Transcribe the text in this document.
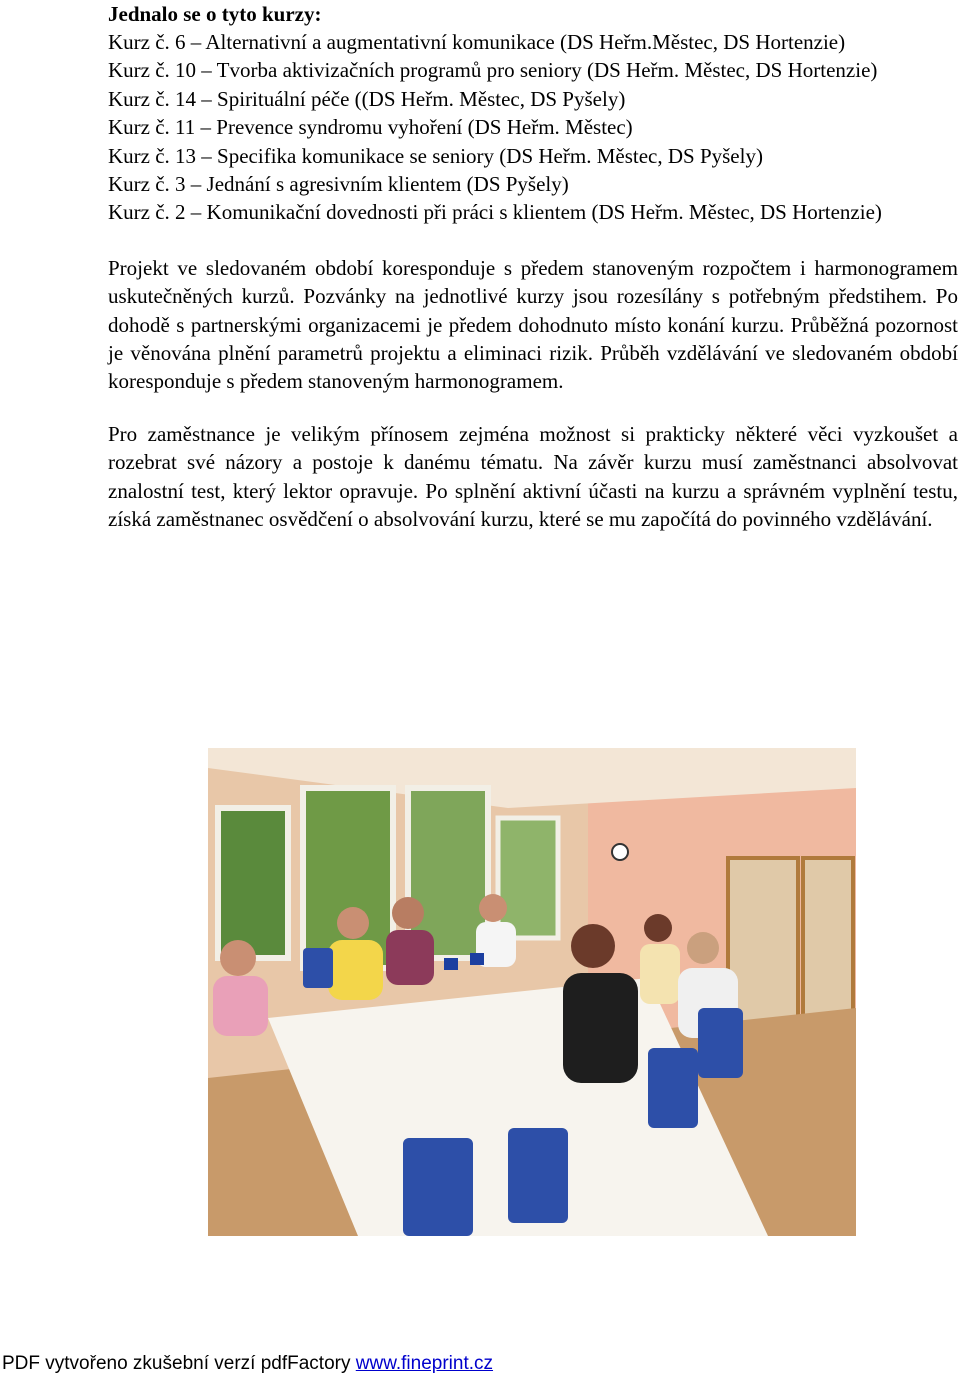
Jednalo se o tyto kurzy:
Kurz č. 6 – Alternativní a augmentativní komunikace (DS Heřm.Městec, DS Hortenzie)
Kurz č. 10 – Tvorba aktivizačních programů pro seniory (DS Heřm. Městec, DS Hortenzie)
Kurz č. 14 – Spirituální péče ((DS Heřm. Městec, DS Pyšely)
Kurz č. 11 – Prevence syndromu vyhoření (DS Heřm. Městec)
Kurz č. 13 – Specifika komunikace se seniory (DS Heřm. Městec, DS Pyšely)
Kurz č. 3 – Jednání s agresivním klientem (DS Pyšely)
Kurz č. 2 – Komunikační dovednosti při práci s klientem (DS Heřm. Městec, DS Hortenzie)

Projekt ve sledovaném období koresponduje s předem stanoveným rozpočtem i harmonogramem uskutečněných kurzů. Pozvánky na jednotlivé kurzy jsou rozesílány s potřebným předstihem. Po dohodě s partnerskými organizacemi je předem dohodnuto místo konání kurzu. Průběžná pozornost je věnována plnění parametrů projektu a eliminaci rizik. Průběh vzdělávání ve sledovaném období koresponduje s předem stanoveným harmonogramem.

Pro zaměstnance je velikým přínosem zejména možnost si prakticky některé věci vyzkoušet a rozebrat své názory a postoje k danému tématu. Na závěr kurzu musí zaměstnanci absolvovat znalostní test, který lektor opravuje. Po splnění aktivní účasti na kurzu a správném vyplnění testu, získá zaměstnanec osvědčení o absolvování kurzu, které se mu započítá do povinného vzdělávání.

PDF vytvořeno zkušební verzí pdfFactory www.fineprint.cz
